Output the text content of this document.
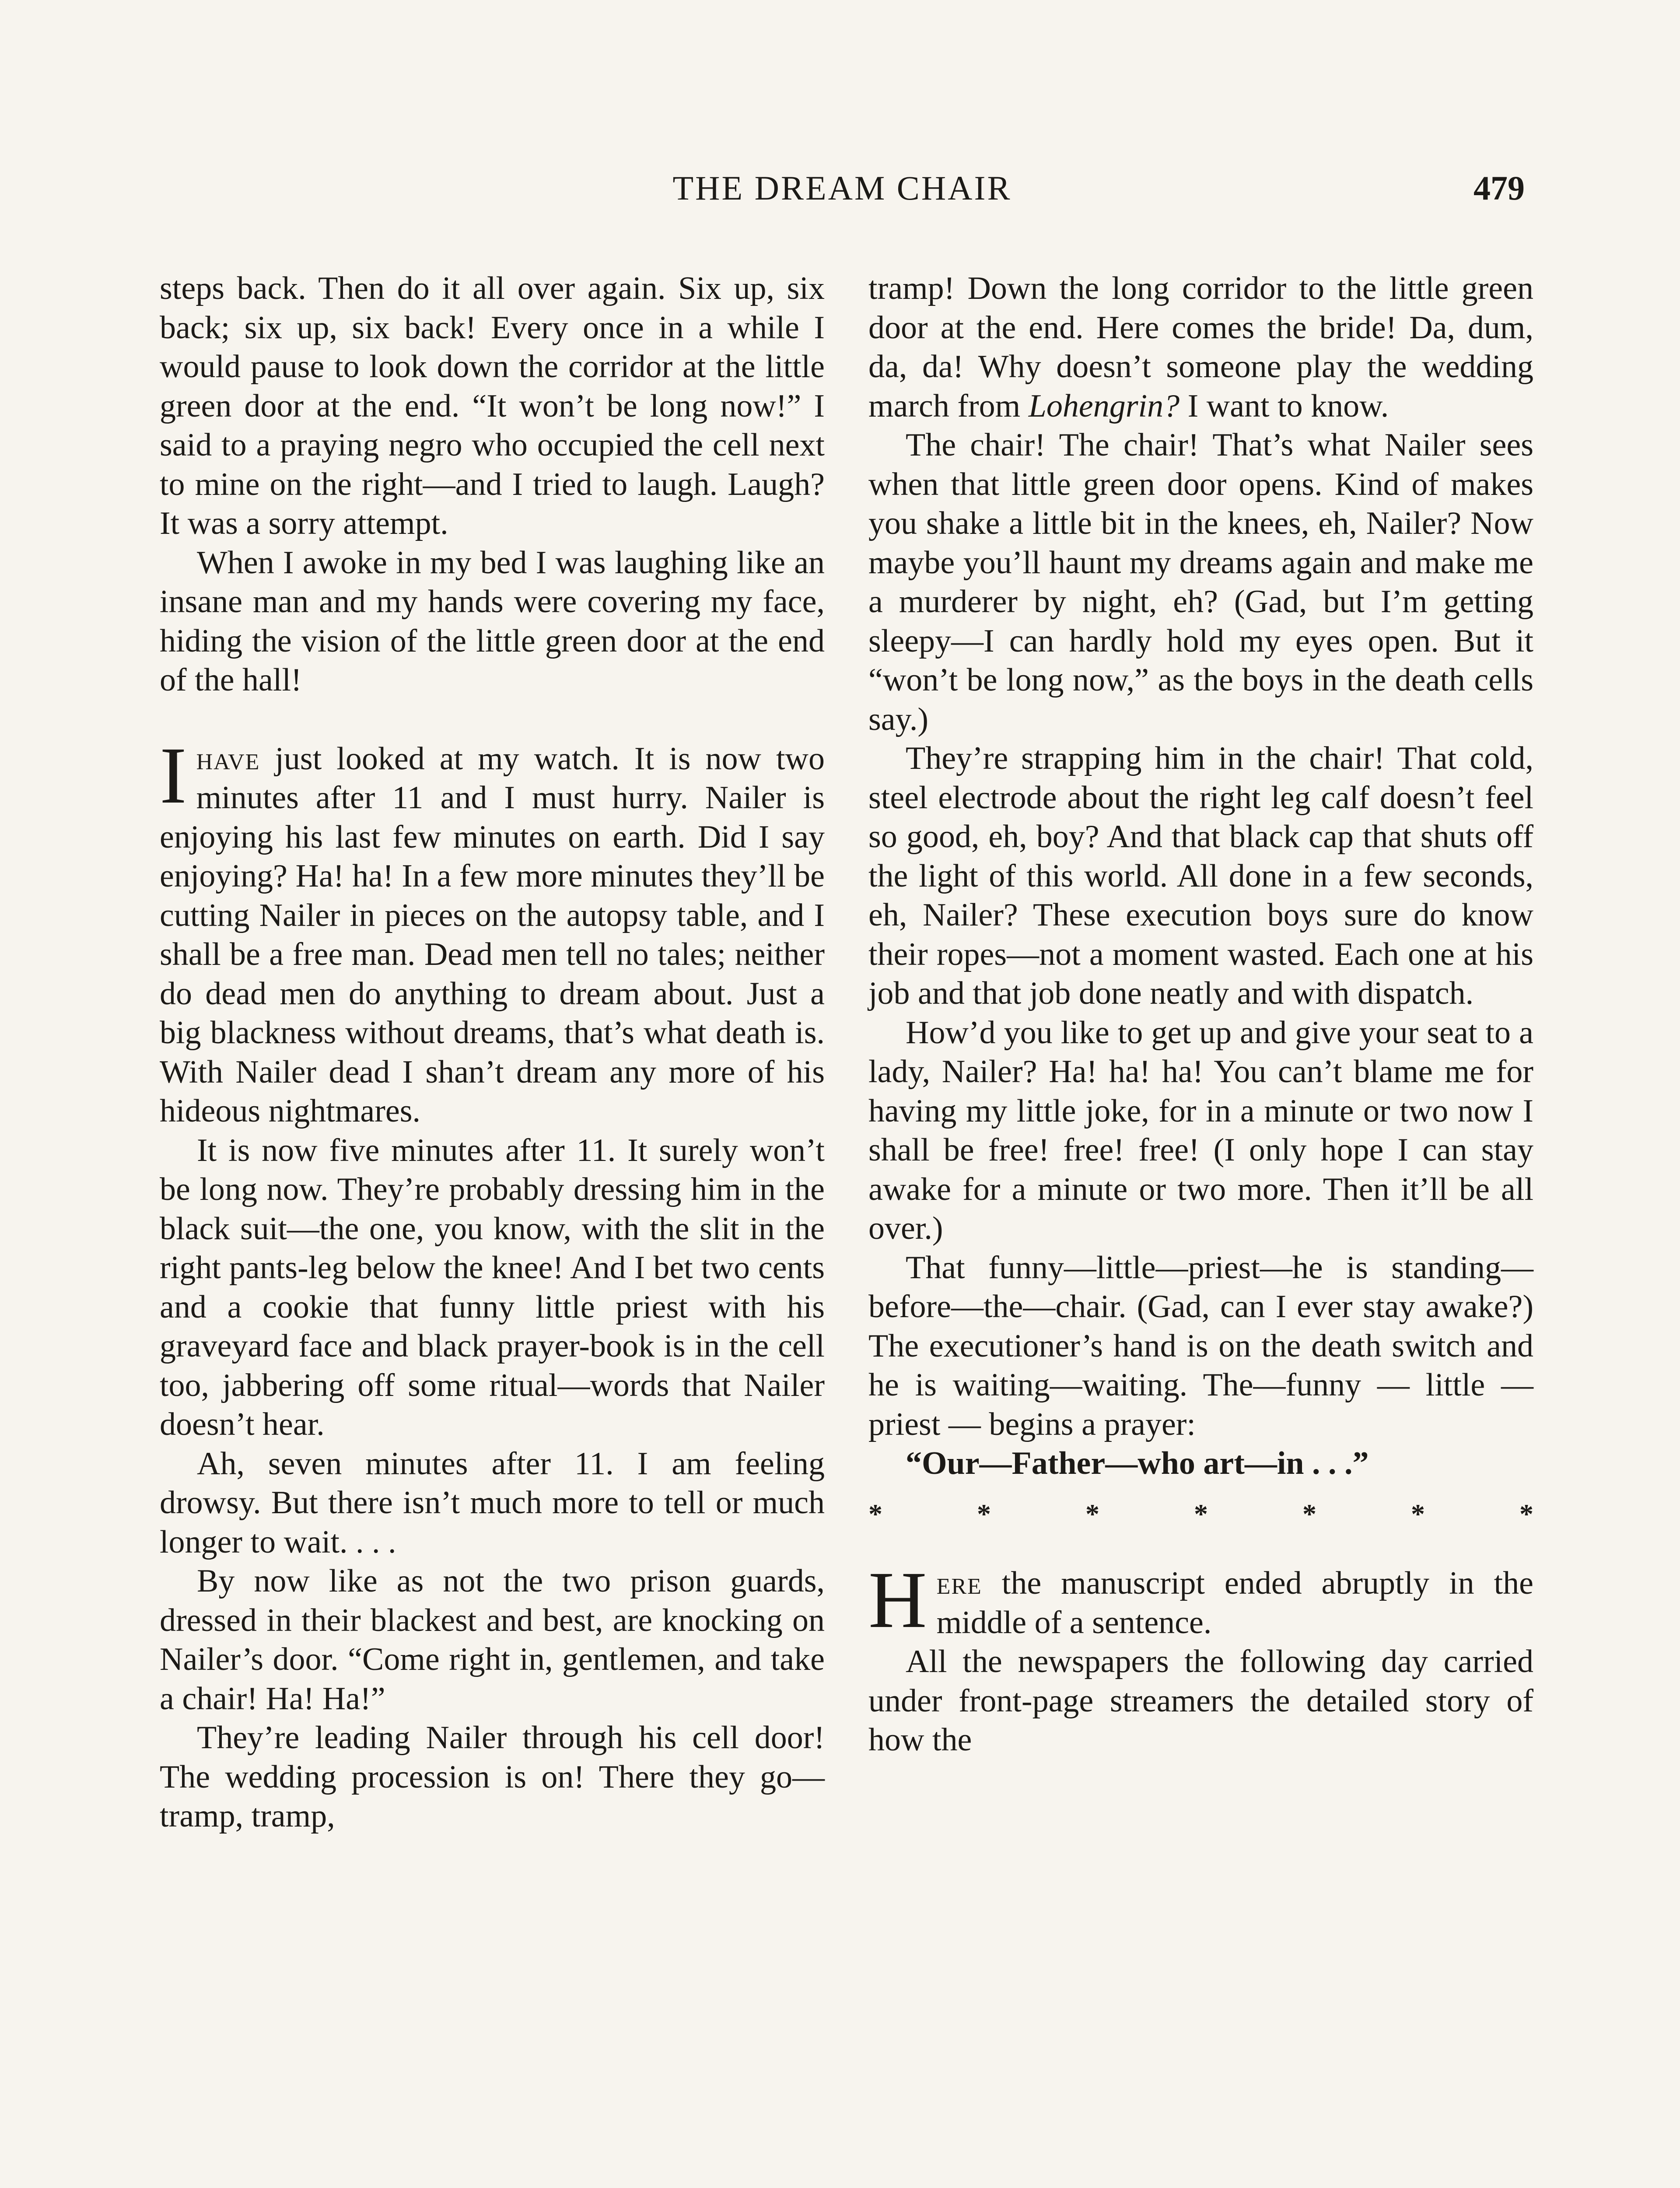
THE DREAM CHAIR	479

steps back. Then do it all over again. Six up, six back; six up, six back! Every once in a while I would pause to look down the corridor at the little green door at the end. “It won’t be long now!” I said to a praying negro who occupied the cell next to mine on the right—and I tried to laugh. Laugh? It was a sorry attempt.

When I awoke in my bed I was laughing like an insane man and my hands were covering my face, hiding the vision of the little green door at the end of the hall!

Ihave just looked at my watch. It is now two minutes after 11 and I must hurry. Nailer is enjoying his last few minutes on earth. Did I say enjoying? Ha! ha! In a few more minutes they’ll be cutting Nailer in pieces on the autopsy table, and I shall be a free man. Dead men tell no tales; neither do dead men do anything to dream about. Just a big blackness without dreams, that’s what death is. With Nailer dead I shan’t dream any more of his hideous nightmares.

It is now five minutes after 11. It surely won’t be long now. They’re probably dressing him in the black suit—the one, you know, with the slit in the right pants-leg below the knee! And I bet two cents and a cookie that funny little priest with his graveyard face and black prayer-book is in the cell too, jabbering off some ritual—words that Nailer doesn’t hear.

Ah, seven minutes after 11. I am feeling drowsy. But there isn’t much more to tell or much longer to wait. . . .

By now like as not the two prison guards, dressed in their blackest and best, are knocking on Nailer’s door. “Come right in, gentlemen, and take a chair! Ha! Ha!”

They’re leading Nailer through his cell door! The wedding procession is on! There they go—tramp, tramp,

tramp! Down the long corridor to the little green door at the end. Here comes the bride! Da, dum, da, da! Why doesn’t someone play the wedding march from Lohengrin? I want to know.

The chair! The chair! That’s what Nailer sees when that little green door opens. Kind of makes you shake a little bit in the knees, eh, Nailer? Now maybe you’ll haunt my dreams again and make me a murderer by night, eh? (Gad, but I’m getting sleepy—I can hardly hold my eyes open. But it “won’t be long now,” as the boys in the death cells say.)

They’re strapping him in the chair! That cold, steel electrode about the right leg calf doesn’t feel so good, eh, boy? And that black cap that shuts off the light of this world. All done in a few seconds, eh, Nailer? These execution boys sure do know their ropes—not a moment wasted. Each one at his job and that job done neatly and with dispatch.

How’d you like to get up and give your seat to a lady, Nailer? Ha! ha! ha! You can’t blame me for having my little joke, for in a minute or two now I shall be free! free! free! (I only hope I can stay awake for a minute or two more. Then it’ll be all over.)

That funny—little—priest—he is standing—before—the—chair. (Gad, can I ever stay awake?) The executioner’s hand is on the death switch and he is waiting—waiting. The—funny — little — priest — begins a prayer:

“Our—Father—who art—in . . .”

*	*	*	*	*	*	*

Here the manuscript ended abruptly in the middle of a sentence.

All the newspapers the following day carried under front-page streamers the detailed story of how the
